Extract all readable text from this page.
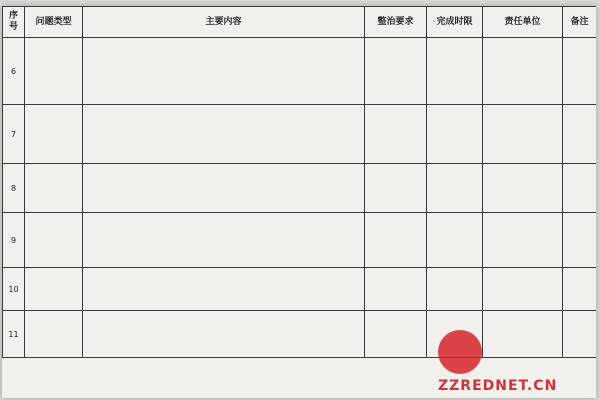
序号	问题类型	主要内容	整治要求	完成时限	责任单位	备注
6						
7						
8						
9						
10						
11						
ZZREDNET.CN
